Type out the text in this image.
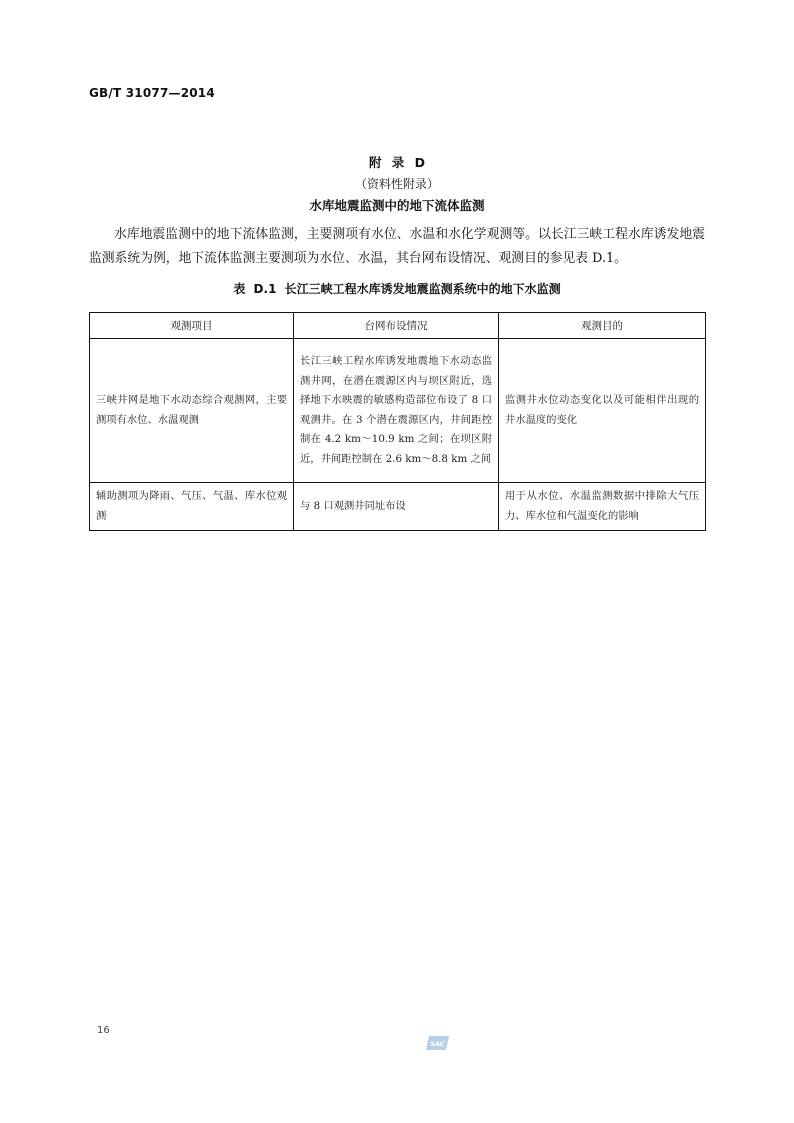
GB/T 31077—2014
附 录 D
（资料性附录）
水库地震监测中的地下流体监测

水库地震监测中的地下流体监测，主要测项有水位、水温和水化学观测等。以长江三峡工程水库诱发地震监测系统为例，地下流体监测主要测项为水位、水温，其台网布设情况、观测目的参见表 D.1。

表 D.1 长江三峡工程水库诱发地震监测系统中的地下水监测
观测项目	台网布设情况	观测目的
三峡井网是地下水动态综合观测网，主要测项有水位、水温观测	长江三峡工程水库诱发地震地下水动态监测井网，在潜在震源区内与坝区附近，选择地下水映震的敏感构造部位布设了 8 口观测井。在 3 个潜在震源区内，井间距控制在 4.2 km～10.9 km 之间；在坝区附近，井间距控制在 2.6 km～8.8 km 之间	监测井水位动态变化以及可能相伴出现的井水温度的变化
辅助测项为降雨、气压、气温、库水位观测	与 8 口观测井同址布设	用于从水位、水温监测数据中排除大气压力、库水位和气温变化的影响
16
SAC
